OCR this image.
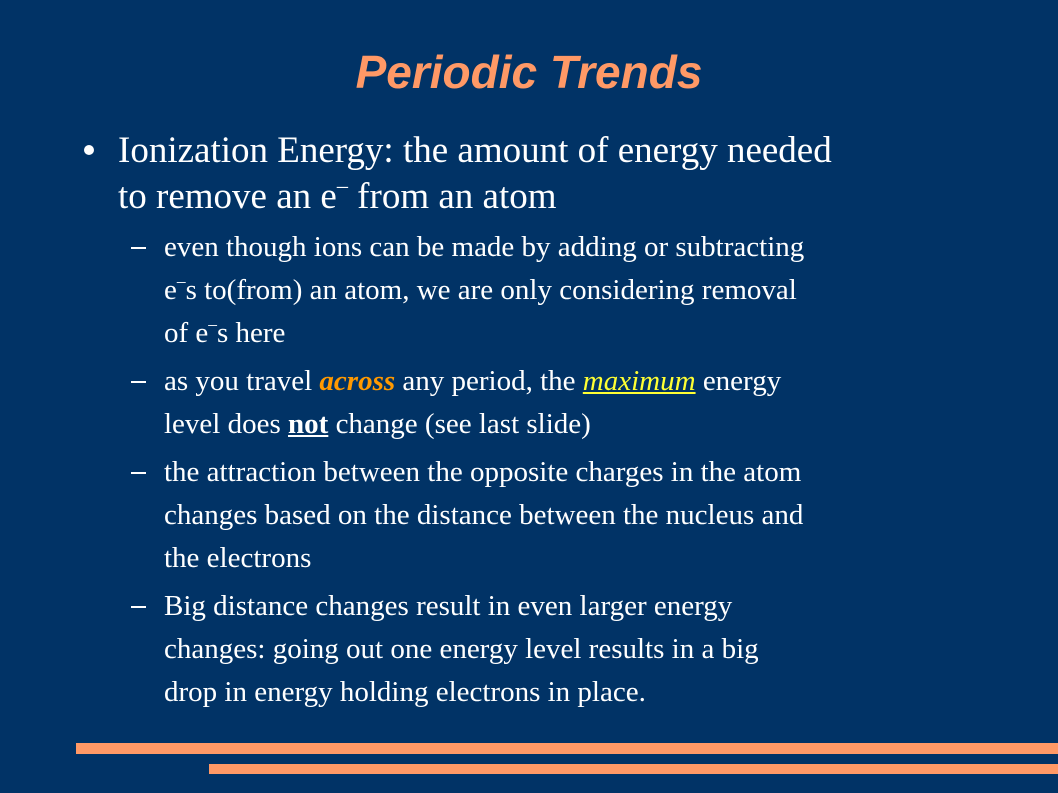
Periodic Trends
Ionization Energy: the amount of energy needed
to remove an e– from an atom
even though ions can be made by adding or subtracting
e–s to(from) an atom, we are only considering removal
of e–s here
as you travel across any period, the maximum energy
level does not change (see last slide)
the attraction between the opposite charges in the atom
changes based on the distance between the nucleus and
the electrons
Big distance changes result in even larger energy
changes: going out one energy level results in a big
drop in energy holding electrons in place.
